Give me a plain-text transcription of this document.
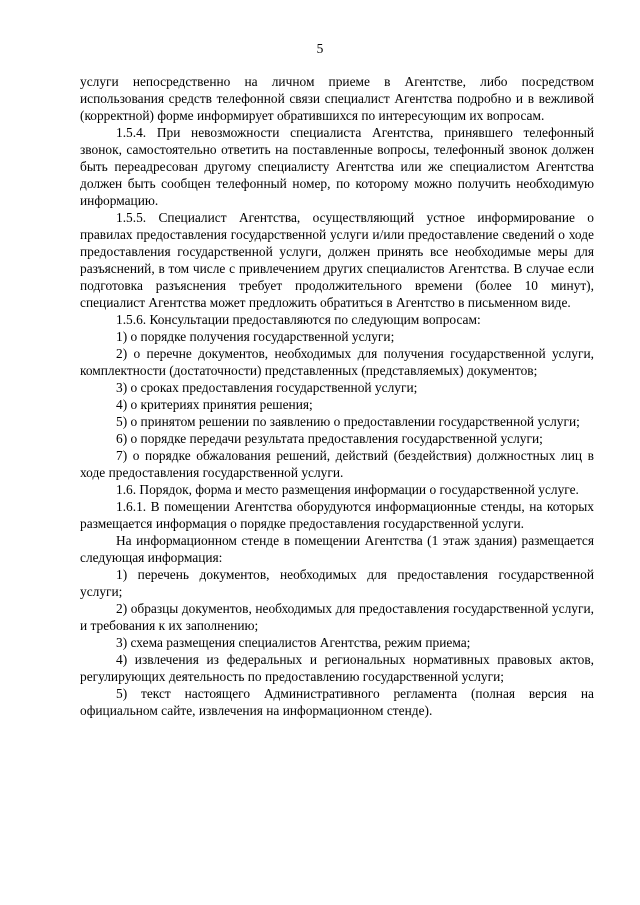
5

услуги непосредственно на личном приеме в Агентстве, либо посредством использования средств телефонной связи специалист Агентства подробно и в вежливой (корректной) форме информирует обратившихся по интересующим их вопросам.

1.5.4. При невозможности специалиста Агентства, принявшего телефонный звонок, самостоятельно ответить на поставленные вопросы, телефонный звонок должен быть переадресован другому специалисту Агентства или же специалистом Агентства должен быть сообщен телефонный номер, по которому можно получить необходимую информацию.

1.5.5. Специалист Агентства, осуществляющий устное информирование о правилах предоставления государственной услуги и/или предоставление сведений о ходе предоставления государственной услуги, должен принять все необходимые меры для разъяснений, в том числе с привлечением других специалистов Агентства. В случае если подготовка разъяснения требует продолжительного времени (более 10 минут), специалист Агентства может предложить обратиться в Агентство в письменном виде.

1.5.6. Консультации предоставляются по следующим вопросам:

1) о порядке получения государственной услуги;

2) о перечне документов, необходимых для получения государственной услуги, комплектности (достаточности) представленных (представляемых) документов;

3) о сроках предоставления государственной услуги;

4) о критериях принятия решения;

5) о принятом решении по заявлению о предоставлении государственной услуги;

6) о порядке передачи результата предоставления государственной услуги;

7) о порядке обжалования решений, действий (бездействия) должностных лиц в ходе предоставления государственной услуги.

1.6. Порядок, форма и место размещения информации о государственной услуге.

1.6.1. В помещении Агентства оборудуются информационные стенды, на которых размещается информация о порядке предоставления государственной услуги.

На информационном стенде в помещении Агентства (1 этаж здания) размещается следующая информация:

1) перечень документов, необходимых для предоставления государственной услуги;

2) образцы документов, необходимых для предоставления государственной услуги, и требования к их заполнению;

3) схема размещения специалистов Агентства, режим приема;

4) извлечения из федеральных и региональных нормативных правовых актов, регулирующих деятельность по предоставлению государственной услуги;

5) текст настоящего Административного регламента (полная версия на официальном сайте, извлечения на информационном стенде).
